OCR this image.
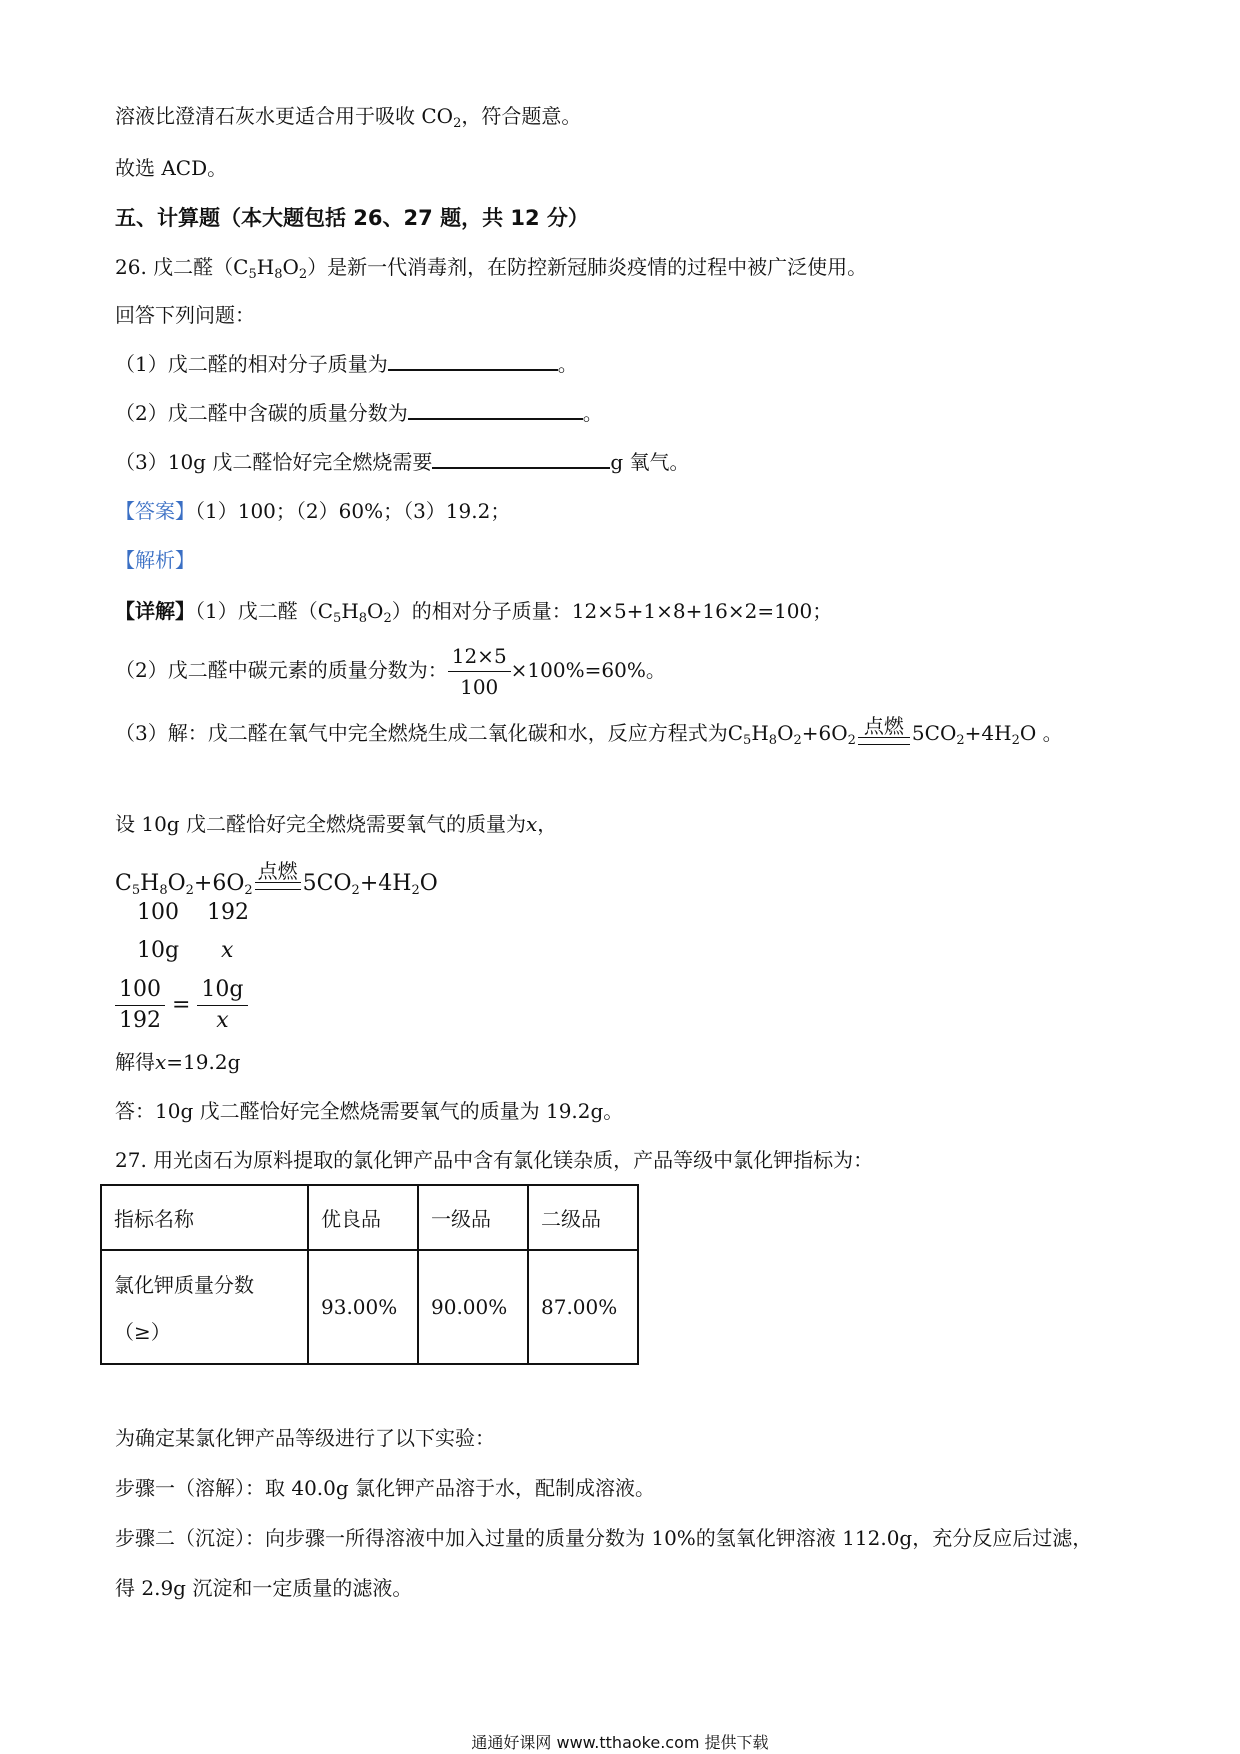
溶液比澄清石灰水更适合用于吸收 $CO_2$，符合题意。
故选 ACD。
五、计算题（本大题包括 26、27 题，共 12 分）
26. 戊二醛$(C_5H_8O_2)$是新一代消毒剂，在防控新冠肺炎疫情的过程中被广泛使用。
回答下列问题：
（1）戊二醛的相对分子质量为	。
（2）戊二醛中含碳的质量分数为	。
（3）10g 戊二醛恰好完全燃烧需要	g 氧气。
【答案】（1）100；（2）60%；（3）19.2；
【解析】
【详解】（1）戊二醛$(C_5H_8O_2)$的相对分子质量：12×5+1×8+16×2=100；
（2）戊二醛中碳元素的质量分数为： $\frac{12\times 5}{100} \times 100\%=60\%$。
（3）解：戊二醛在氧气中完全燃烧生成二氧化碳和水，反应方程式为$C_5H_8O_2+6O_2$
点燃 $5CO_2+4H_2O$ 。
设 10g 戊二醛恰好完全燃烧需要氧气的质量为x，
$C_5H_8O_2+6O_2$
点燃 $5CO_2+4H_2O$
100 192
10g x
$\frac{100}{192} = \frac{10g}{x}$
解得x=19.2g
答：10g 戊二醛恰好完全燃烧需要氧气的质量为 19.2g。
27. 用光卤石为原料提取的氯化钾产品中含有氯化镁杂质，产品等级中氯化钾指标为：
指标名称	优良品	一级品	二级品

氯化钾质量分数
（≥）	93.00%	90.00%	87.00%
为确定某氯化钾产品等级进行了以下实验：
步骤一（溶解）：取 40.0g 氯化钾产品溶于水，配制成溶液。
步骤二（沉淀）：向步骤一所得溶液中加入过量的质量分数为 10%的氢氧化钾溶液 112.0g，充分反应后过滤，
得 2.9g 沉淀和一定质量的滤液。
通通好课网 www.tthaoke.com 提供下载
